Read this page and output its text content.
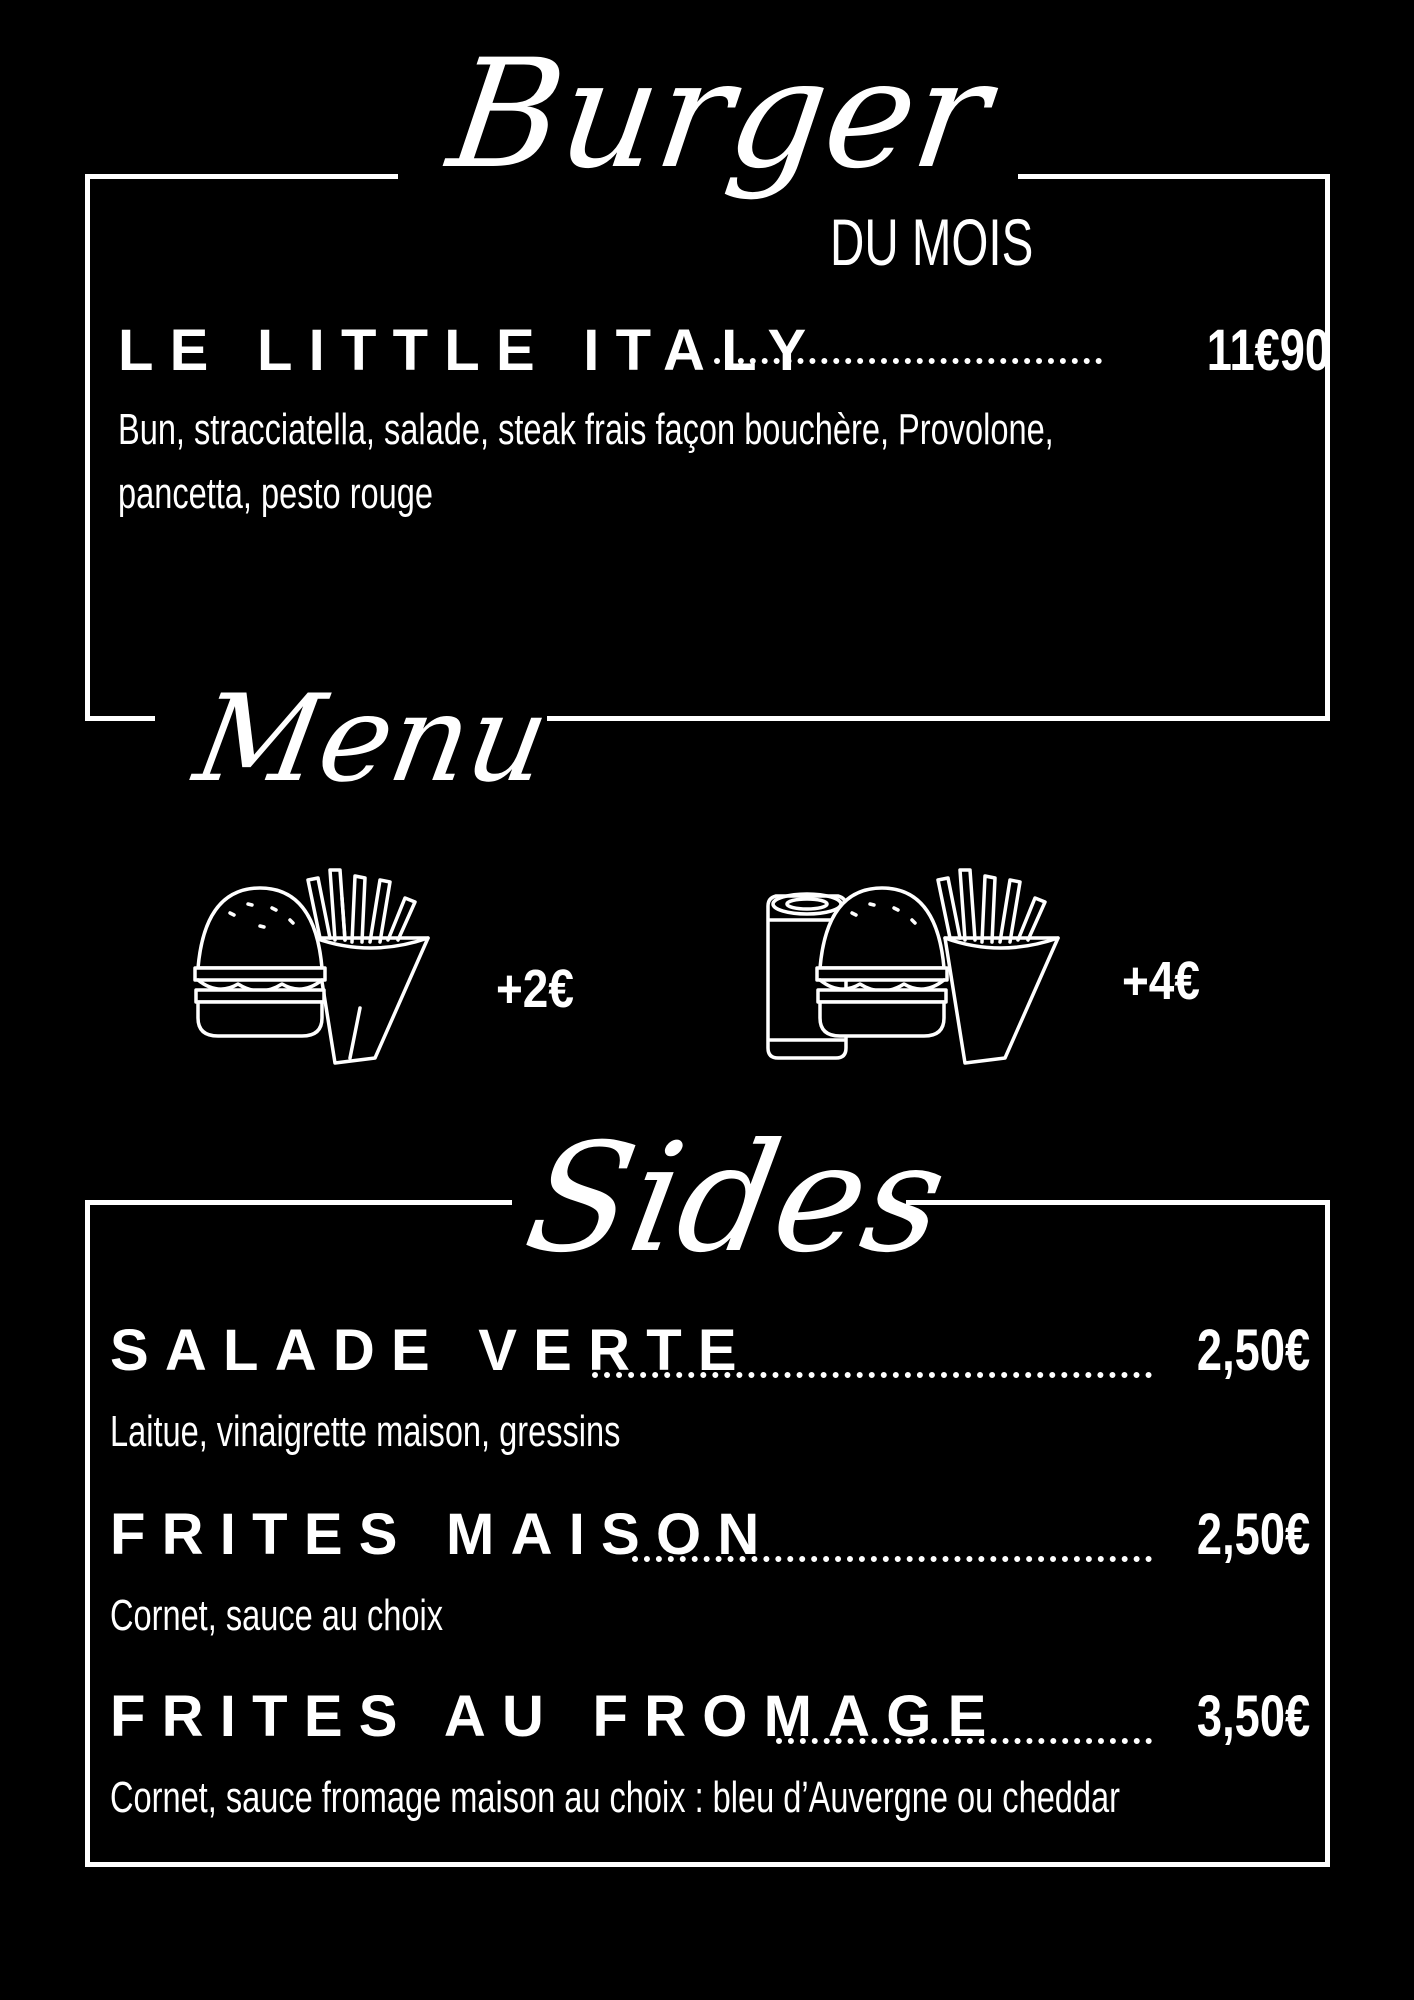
Burger
DU MOIS
LE LITTLE ITALY	11€90
Bun, stracciatella, salade, steak frais façon bouchère, Provolone,
pancetta, pesto rouge
Menu
+2€	+4€
Sides
SALADE VERTE	2,50€
Laitue, vinaigrette maison, gressins
FRITES MAISON	2,50€
Cornet, sauce au choix
FRITES AU FROMAGE	3,50€
Cornet, sauce fromage maison au choix : bleu d’Auvergne ou cheddar
